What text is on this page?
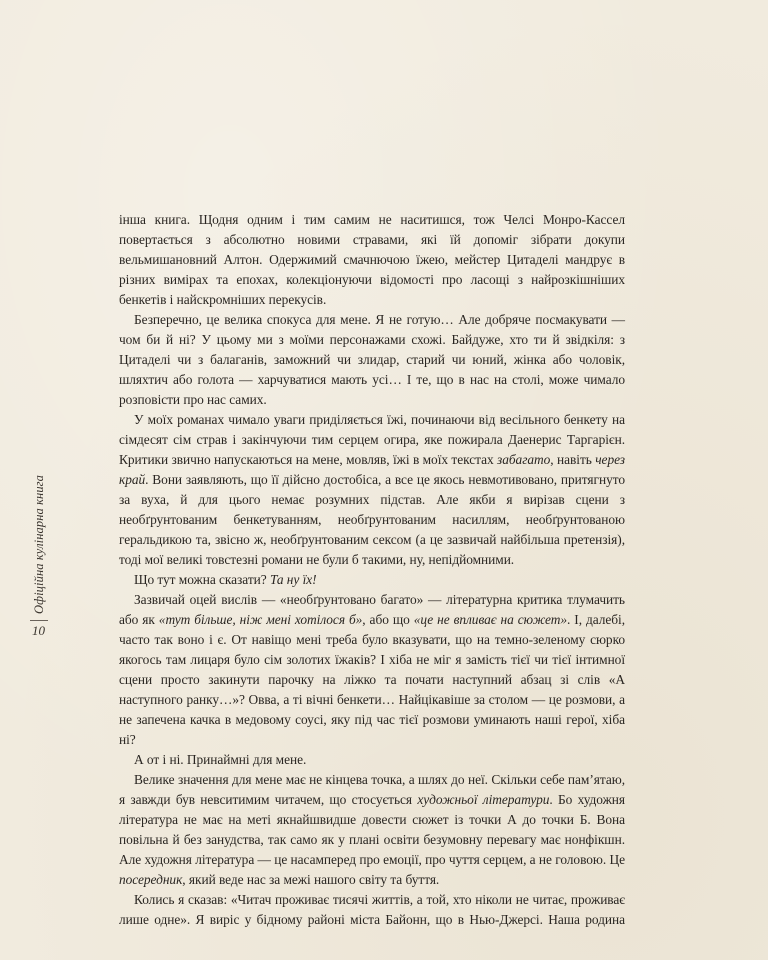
Офіційна кулінарна книга
10

інша книга. Щодня одним і тим самим не наситишся, тож Челсі Монро-Кассел повертається з абсолютно новими стравами, які їй допоміг зібрати докупи вельмишановний Алтон. Одержимий смачнючою їжею, мейстер Цитаделі мандрує в різних вимірах та епохах, колекціонуючи відомості про ласощі з найрозкішніших бенкетів і найскромніших перекусів.

Безперечно, це велика спокуса для мене. Я не готую… Але добряче посмакувати — чом би й ні? У цьому ми з моїми персонажами схожі. Байдуже, хто ти й звідкіля: з Цитаделі чи з балаганів, заможний чи злидар, старий чи юний, жінка або чоловік, шляхтич або голота — харчуватися мають усі… І те, що в нас на столі, може чимало розповісти про нас самих.

У моїх романах чимало уваги приділяється їжі, починаючи від весільного бенкету на сімдесят сім страв і закінчуючи тим серцем огира, яке пожирала Даенерис Таргарієн. Критики звично напускаються на мене, мовляв, їжі в моїх текстах забагато, навіть через край. Вони заявляють, що її дійсно достобіса, а все це якось невмотивовано, притягнуто за вуха, й для цього немає розумних підстав. Але якби я вирізав сцени з необґрунтованим бенкетуванням, необґрунтованим насиллям, необґрунтованою геральдикою та, звісно ж, необґрунтованим сексом (а це зазвичай найбільша претензія), тоді мої великі товстезні романи не були б такими, ну, непідйомними.

Що тут можна сказати? Та ну їх!

Зазвичай оцей вислів — «необґрунтовано багато» — літературна критика тлумачить або як «тут більше, ніж мені хотілося б», або що «це не впливає на сюжет». І, далебі, часто так воно і є. От навіщо мені треба було вказувати, що на темно-зеленому сюрко якогось там лицаря було сім золотих їжаків? І хіба не міг я замість тієї чи тієї інтимної сцени просто закинути парочку на ліжко та почати наступний абзац зі слів «А наступного ранку…»? Овва, а ті вічні бенкети… Найцікавіше за столом — це розмови, а не запечена качка в медовому соусі, яку під час тієї розмови уминають наші герої, хіба ні?

А от і ні. Принаймні для мене.

Велике значення для мене має не кінцева точка, а шлях до неї. Скільки себе пам’ятаю, я завжди був невситимим читачем, що стосується художньої літератури. Бо художня література не має на меті якнайшвидше довести сюжет із точки А до точки Б. Вона повільна й без занудства, так само як у плані освіти безумовну перевагу має нонфікшн. Але художня література — це насамперед про емоції, про чуття серцем, а не головою. Це посередник, який веде нас за межі нашого світу та буття.

Колись я сказав: «Читач проживає тисячі життів, а той, хто ніколи не читає, проживає лише одне». Я виріс у бідному районі міста Байонн, що в Нью-Джерсі. Наша родина
